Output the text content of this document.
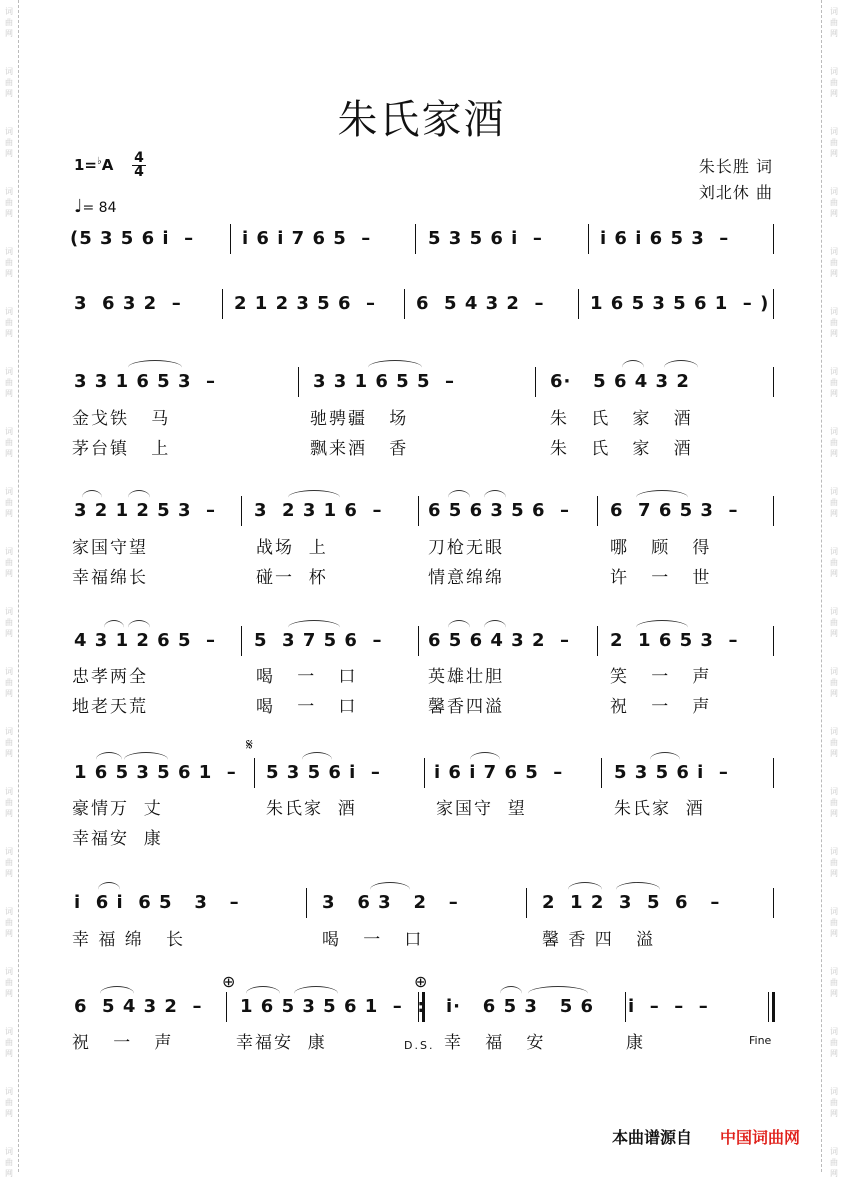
词
曲
网
词
曲
网
词
曲
网
词
曲
网
词
曲
网
词
曲
网
词
曲
网
词
曲
网
词
曲
网
词
曲
网
词
曲
网
词
曲
网
词
曲
网
词
曲
网
词
曲
网
词
曲
网
词
曲
网
词
曲
网
词
曲
网
词
曲
网
词
曲
网
词
曲
网
词
曲
网
词
曲
网
词
曲
网
词
曲
网
词
曲
网
词
曲
网
词
曲
网
词
曲
网
词
曲
网
词
曲
网
词
曲
网
词
曲
网
词
曲
网
词
曲
网
词
曲
网
词
曲
网
词
曲
网
词
曲
网
朱氏家酒
1=♭A 4
4
♩= 84
朱长胜 词
刘北休 曲
(5 3 5 6 i  –	i 6 i 7 6 5  –	5 3 5 6 i  –	i 6 i 6 5 3  –
3  6 3 2  –	2 1 2 3 5 6  – 6  5 4 3 2  –	1 6 5 3 5 6 1  – )
3 3 1 6 5 3  –	3 3 1 6 5 5  –	6·   5 6 4 3 2
金戈铁   马	驰骋疆   场	朱   氏   家   酒
茅台镇   上	飘来酒   香	朱   氏   家   酒
3 2 1 2 5 3  – 3  2 3 1 6  –	6 5 6 3 5 6  – 6  7 6 5 3  –
家国守望	战场  上	刀枪无眼	哪   顾   得
幸福绵长	碰一  杯	情意绵绵	许   一   世
4 3 1 2 6 5  – 5  3 7 5 6  –	6 5 6 4 3 2  – 2  1 6 5 3  –
忠孝两全	喝   一   口	英雄壮胆	笑   一   声
地老天荒	喝   一   口	馨香四溢	祝   一   声
𝄋
1 6 5 3 5 6 1  – 5 3 5 6 i  –	i 6 i 7 6 5  –	5 3 5 6 i  –
豪情万  丈	朱氏家  酒	家国守  望	朱氏家  酒
幸福安  康
i  6 i  6 5   3   –	3   6 3   2   –	2  1 2  3  5  6   –
幸 福 绵   长	喝   一   口	馨 香 四   溢
⊕	⊕
6  5 4 3 2  – 1 6 5 3 5 6 1  –  : i·   6 5 3   5 6 i  –  –  –
祝   一   声	幸福安  康	D.S. 幸   福   安	康	Fine
本曲谱源自 中国词曲网
